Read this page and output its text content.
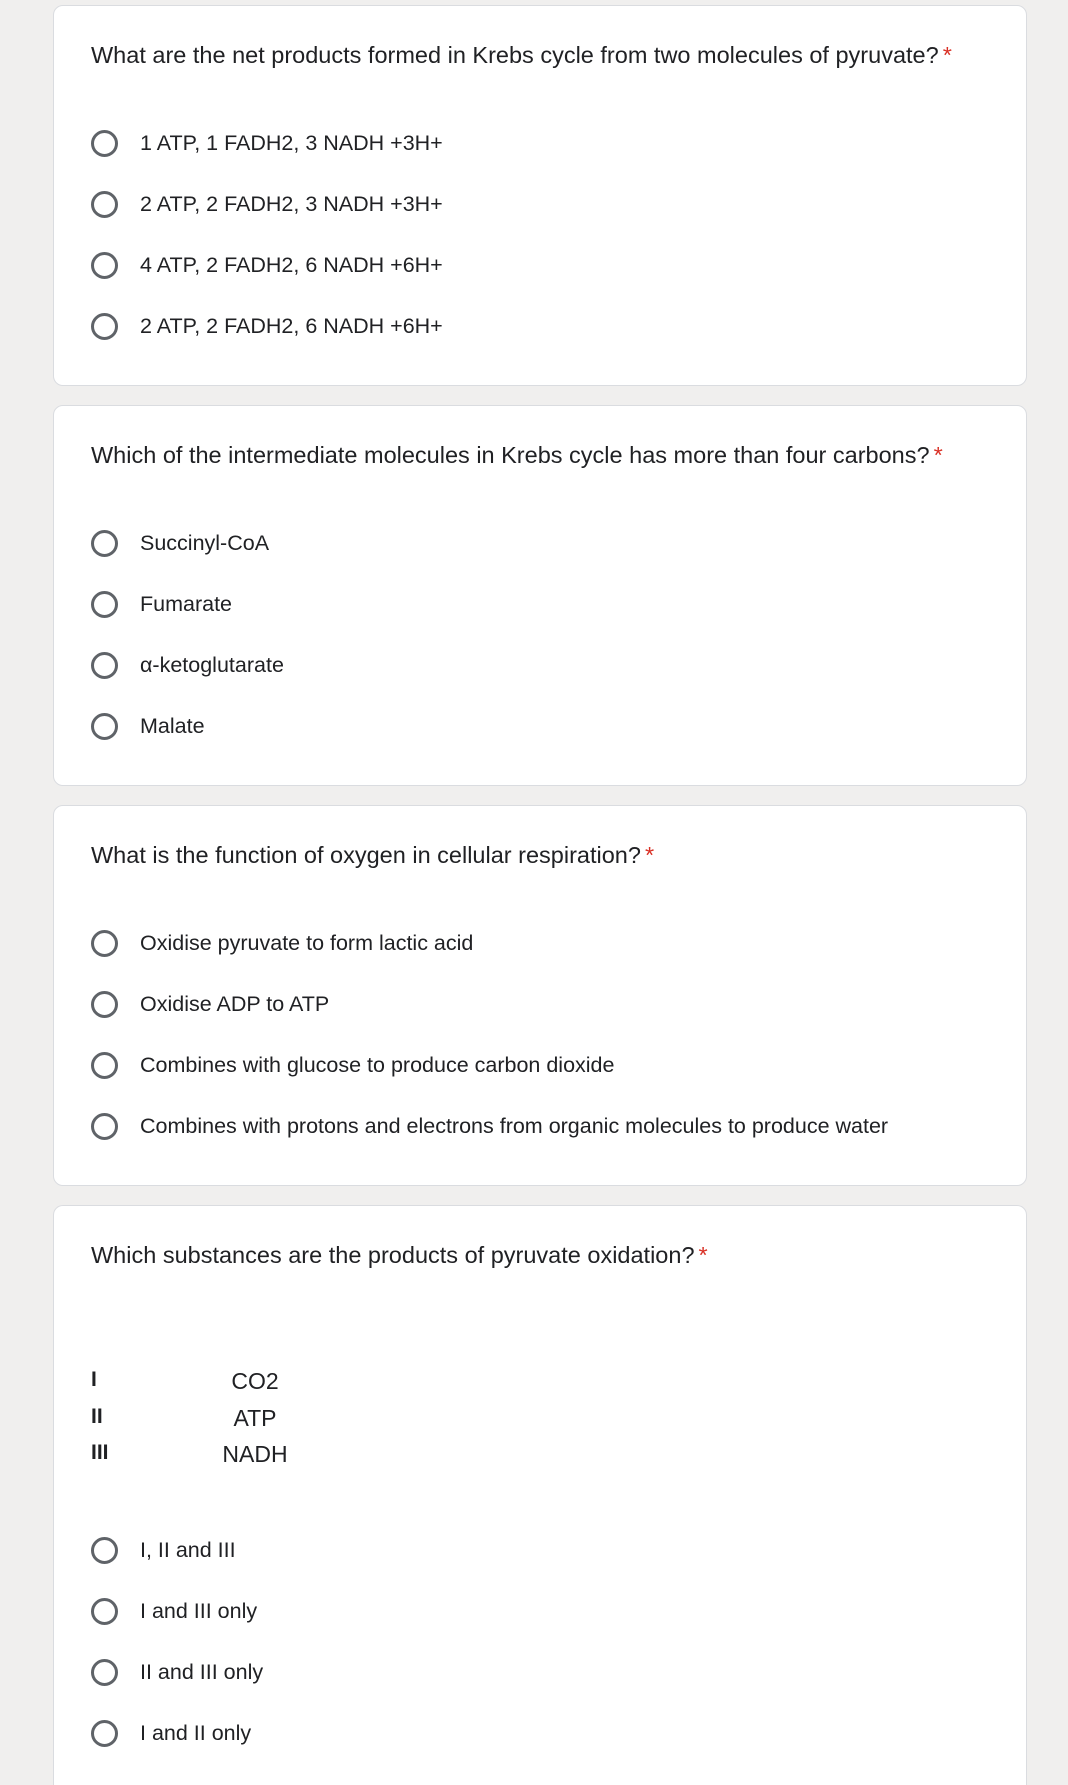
What are the net products formed in Krebs cycle from two molecules of pyruvate? *
1 ATP, 1 FADH2, 3 NADH +3H+
2 ATP, 2 FADH2, 3 NADH +3H+
4 ATP, 2 FADH2, 6 NADH +6H+
2 ATP, 2 FADH2, 6 NADH +6H+
Which of the intermediate molecules in Krebs cycle has more than four carbons? *
Succinyl-CoA
Fumarate
α-ketoglutarate
Malate
What is the function of oxygen in cellular respiration? *
Oxidise pyruvate to form lactic acid
Oxidise ADP to ATP
Combines with glucose to produce carbon dioxide
Combines with protons and electrons from organic molecules to produce water
Which substances are the products of pyruvate oxidation? *
I	CO2
II	ATP
III	NADH
I, II and III
I and III only
II and III only
I and II only
